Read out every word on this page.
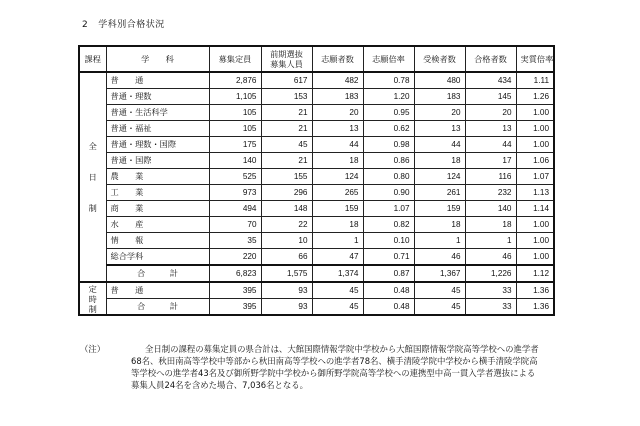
2 学科別合格状況
課程	学　　科	募集定員	前期選抜
募集人員	志願者数	志願倍率	受検者数	合格者数	実質倍率

全
日
制	普　　通	2,876	617	482	0.78	480	434	1.11
	普通・理数	1,105	153	183	1.20	183	145	1.26
	普通・生活科学	105	21	20	0.95	20	20	1.00
	普通・福祉	105	21	13	0.62	13	13	1.00
	普通・理数・国際	175	45	44	0.98	44	44	1.00
	普通・国際	140	21	18	0.86	18	17	1.06
	農　　業	525	155	124	0.80	124	116	1.07
	工　　業	973	296	265	0.90	261	232	1.13
	商　　業	494	148	159	1.07	159	140	1.14
	水　　産	70	22	18	0.82	18	18	1.00
	情　　報	35	10	1	0.10	1	1	1.00
	総合学科	220	66	47	0.71	46	46	1.00
	合　　　計	6,823	1,575	1,374	0.87	1,367	1,226	1.12

定
時
制	普　　通	395	93	45	0.48	45	33	1.36
	合　　　計	395	93	45	0.48	45	33	1.36
（注）	全日制の課程の募集定員の県合計は、大館国際情報学院中学校から大館国際情報学院高等学校への進学者
68名、秋田南高等学校中等部から秋田南高等学校への進学者78名、横手清陵学院中学校から横手清陵学院高
等学校への進学者43名及び御所野学院中学校から御所野学院高等学校への連携型中高一貫入学者選抜による
募集人員24名を含めた場合、7,036名となる。
